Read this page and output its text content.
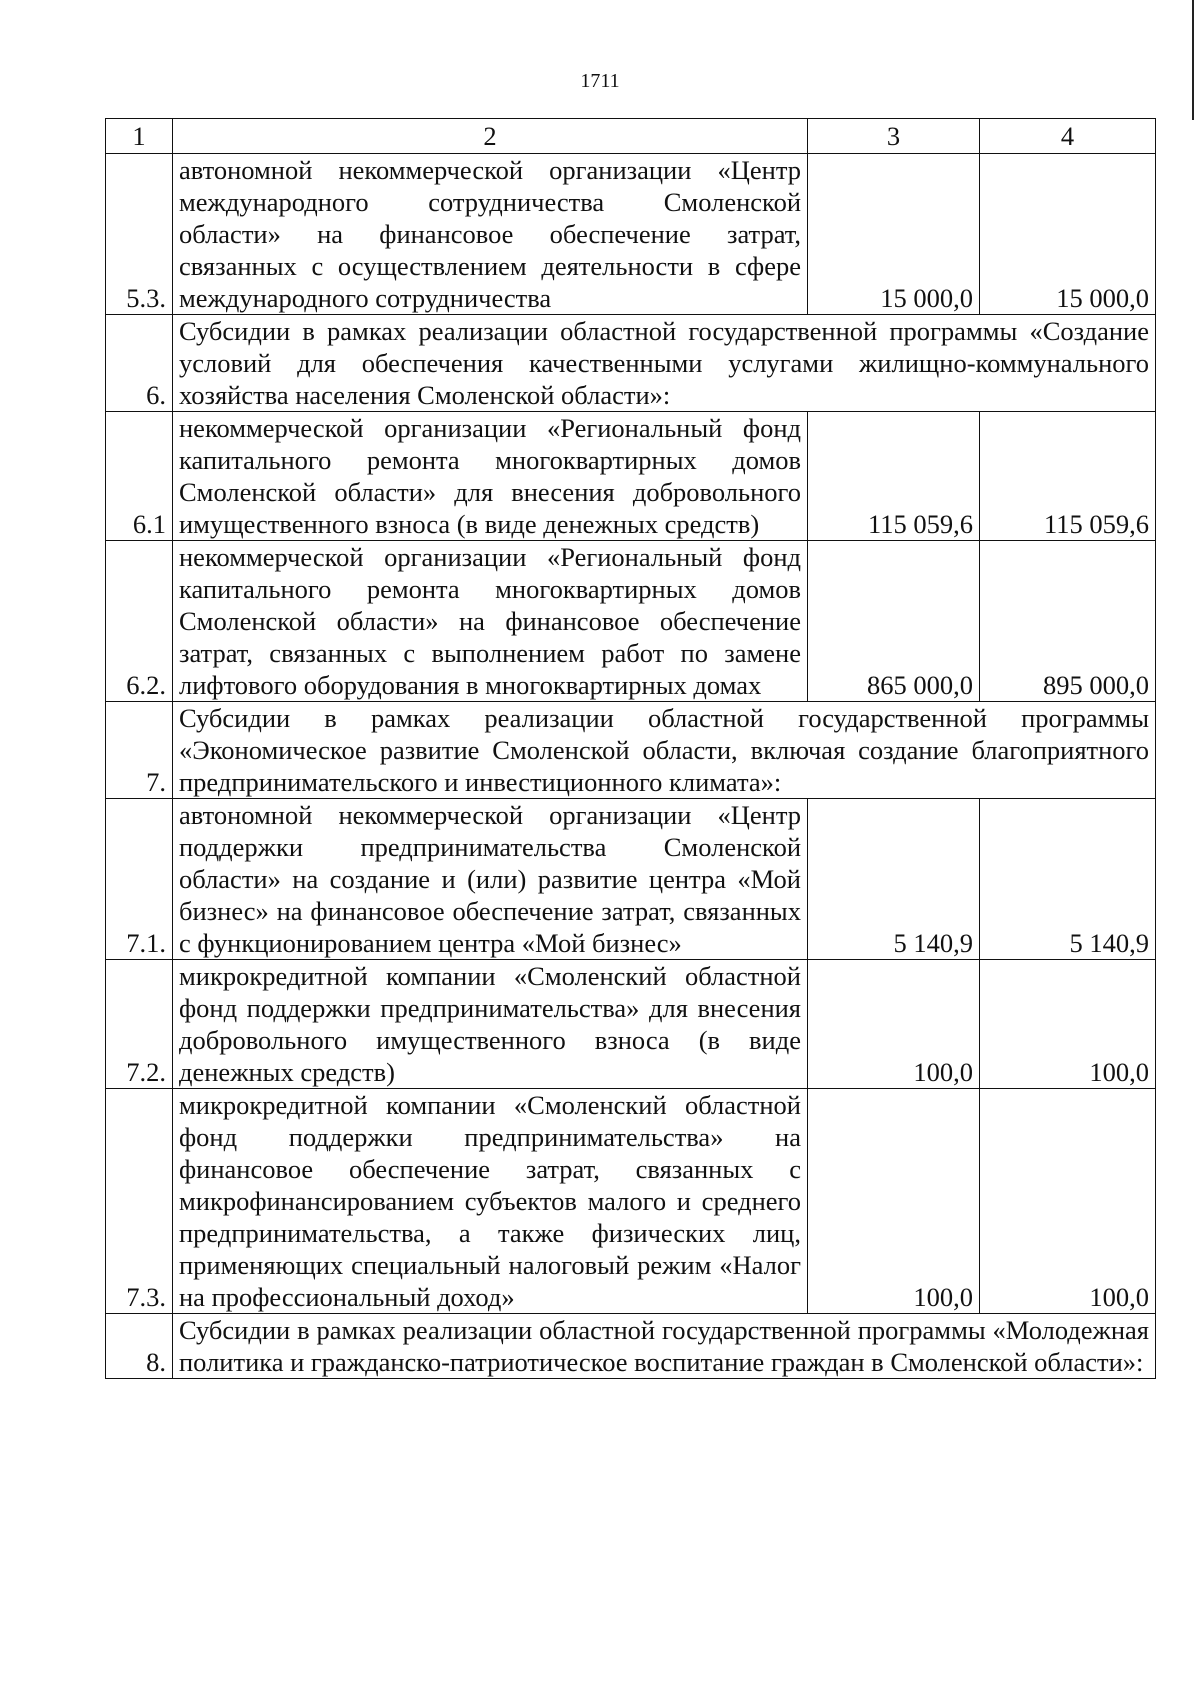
1711
1	2	3	4
5.3.	автономной некоммерческой организации «Центр международного сотрудничества Смоленской области» на финансовое обеспечение затрат, связанных с осуществлением деятельности в сфере международного сотрудничества	15 000,0	15 000,0
6.	Субсидии в рамках реализации областной государственной программы «Создание условий для обеспечения качественными услугами жилищно-коммунального хозяйства населения Смоленской области»:		
6.1	некоммерческой организации «Региональный фонд капитального ремонта многоквартирных домов Смоленской области» для внесения добровольного имущественного взноса (в виде денежных средств)	115 059,6	115 059,6
6.2.	некоммерческой организации «Региональный фонд капитального ремонта многоквартирных домов Смоленской области» на финансовое обеспечение затрат, связанных с выполнением работ по замене лифтового оборудования в многоквартирных домах	865 000,0	895 000,0
7.	Субсидии в рамках реализации областной государственной программы «Экономическое развитие Смоленской области, включая создание благоприятного предпринимательского и инвестиционного климата»:		
7.1.	автономной некоммерческой организации «Центр поддержки предпринимательства Смоленской области» на создание и (или) развитие центра «Мой бизнес» на финансовое обеспечение затрат, связанных с функционированием центра «Мой бизнес»	5 140,9	5 140,9
7.2.	микрокредитной компании «Смоленский областной фонд поддержки предпринимательства» для внесения добровольного имущественного взноса (в виде денежных средств)	100,0	100,0
7.3.	микрокредитной компании «Смоленский областной фонд поддержки предпринимательства» на финансовое обеспечение затрат, связанных с микрофинансированием субъектов малого и среднего предпринимательства, а также физических лиц, применяющих специальный налоговый режим «Налог на профессиональный доход»	100,0	100,0
8.	Субсидии в рамках реализации областной государственной программы «Молодежная политика и гражданско-патриотическое воспитание граждан в Смоленской области»:		
